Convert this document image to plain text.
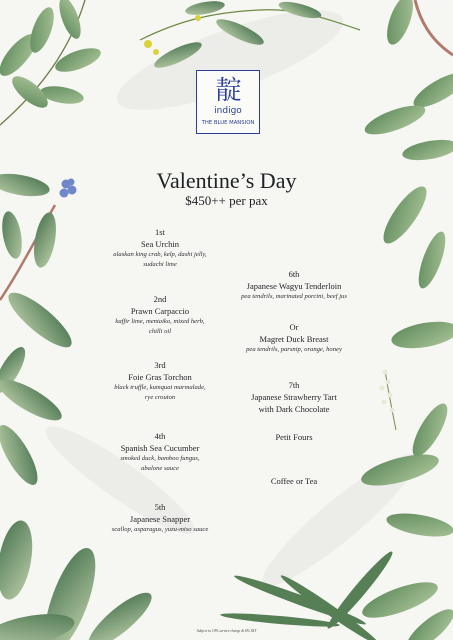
靛
indigo
THE BLUE MANSION
Valentine’s Day
$450++ per pax
1st
Sea Urchin
alaskan king crab, kelp, dashi jelly,
sudachi lime
2nd
Prawn Carpaccio
kaffir lime, mentaiko, mixed herb,
chilli oil
3rd
Foie Gras Torchon
black truffle, kumquat marmalade,
rye crouton
4th
Spanish Sea Cucumber
smoked duck, bamboo fungus,
abalone sauce
5th
Japanese Snapper
scallop, asparagus, yuzu-miso sauce
6th
Japanese Wagyu Tenderloin
pea tendrils, marinated porcini, beef jus
Or
Magret Duck Breast
pea tendrils, parsnip, orange, honey
7th
Japanese Strawberry Tart
with Dark Chocolate
Petit Fours
Coffee or Tea
Subject to 10% service charge & 6% SST
